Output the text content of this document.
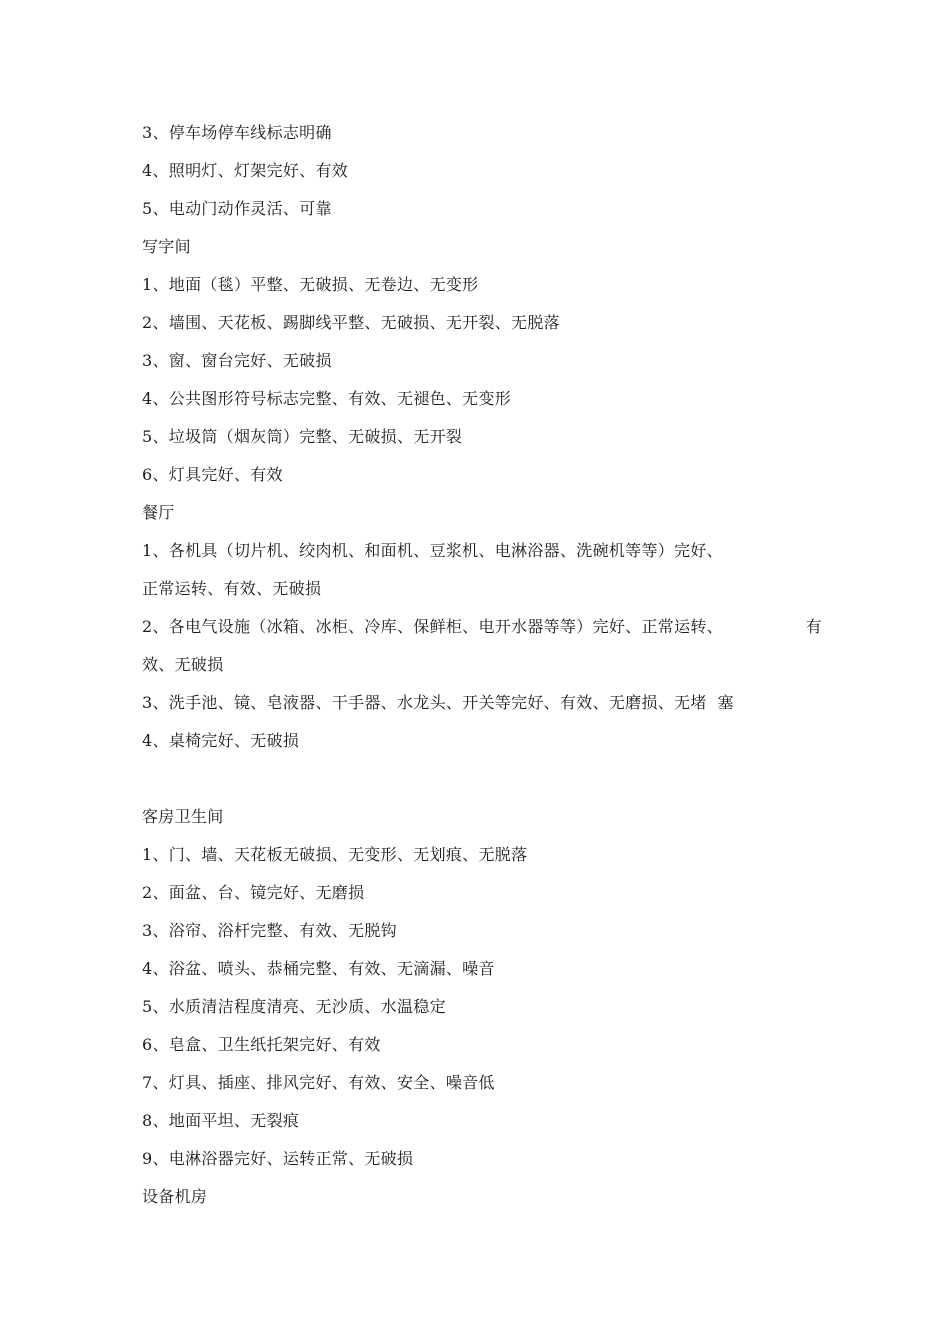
3、停车场停车线标志明确
4、照明灯、灯架完好、有效
5、电动门动作灵活、可靠
写字间
1、地面（毯）平整、无破损、无卷边、无变形
2、墙围、天花板、踢脚线平整、无破损、无开裂、无脱落
3、窗、窗台完好、无破损
4、公共图形符号标志完整、有效、无褪色、无变形
5、垃圾筒（烟灰筒）完整、无破损、无开裂
6、灯具完好、有效
餐厅
1、各机具（切片机、绞肉机、和面机、豆浆机、电淋浴器、洗碗机等等）完好、
正常运转、有效、无破损
2、各电气设施（冰箱、冰柜、冷库、保鲜柜、电开水器等等）完好、正常运转、	有
效、无破损
3、洗手池、镜、皂液器、干手器、水龙头、开关等完好、有效、无磨损、无堵  塞
4、桌椅完好、无破损
客房卫生间
1、门、墙、天花板无破损、无变形、无划痕、无脱落
2、面盆、台、镜完好、无磨损
3、浴帘、浴杆完整、有效、无脱钩
4、浴盆、喷头、恭桶完整、有效、无滴漏、噪音
5、水质清洁程度清亮、无沙质、水温稳定
6、皂盒、卫生纸托架完好、有效
7、灯具、插座、排风完好、有效、安全、噪音低
8、地面平坦、无裂痕
9、电淋浴器完好、运转正常、无破损
设备机房
